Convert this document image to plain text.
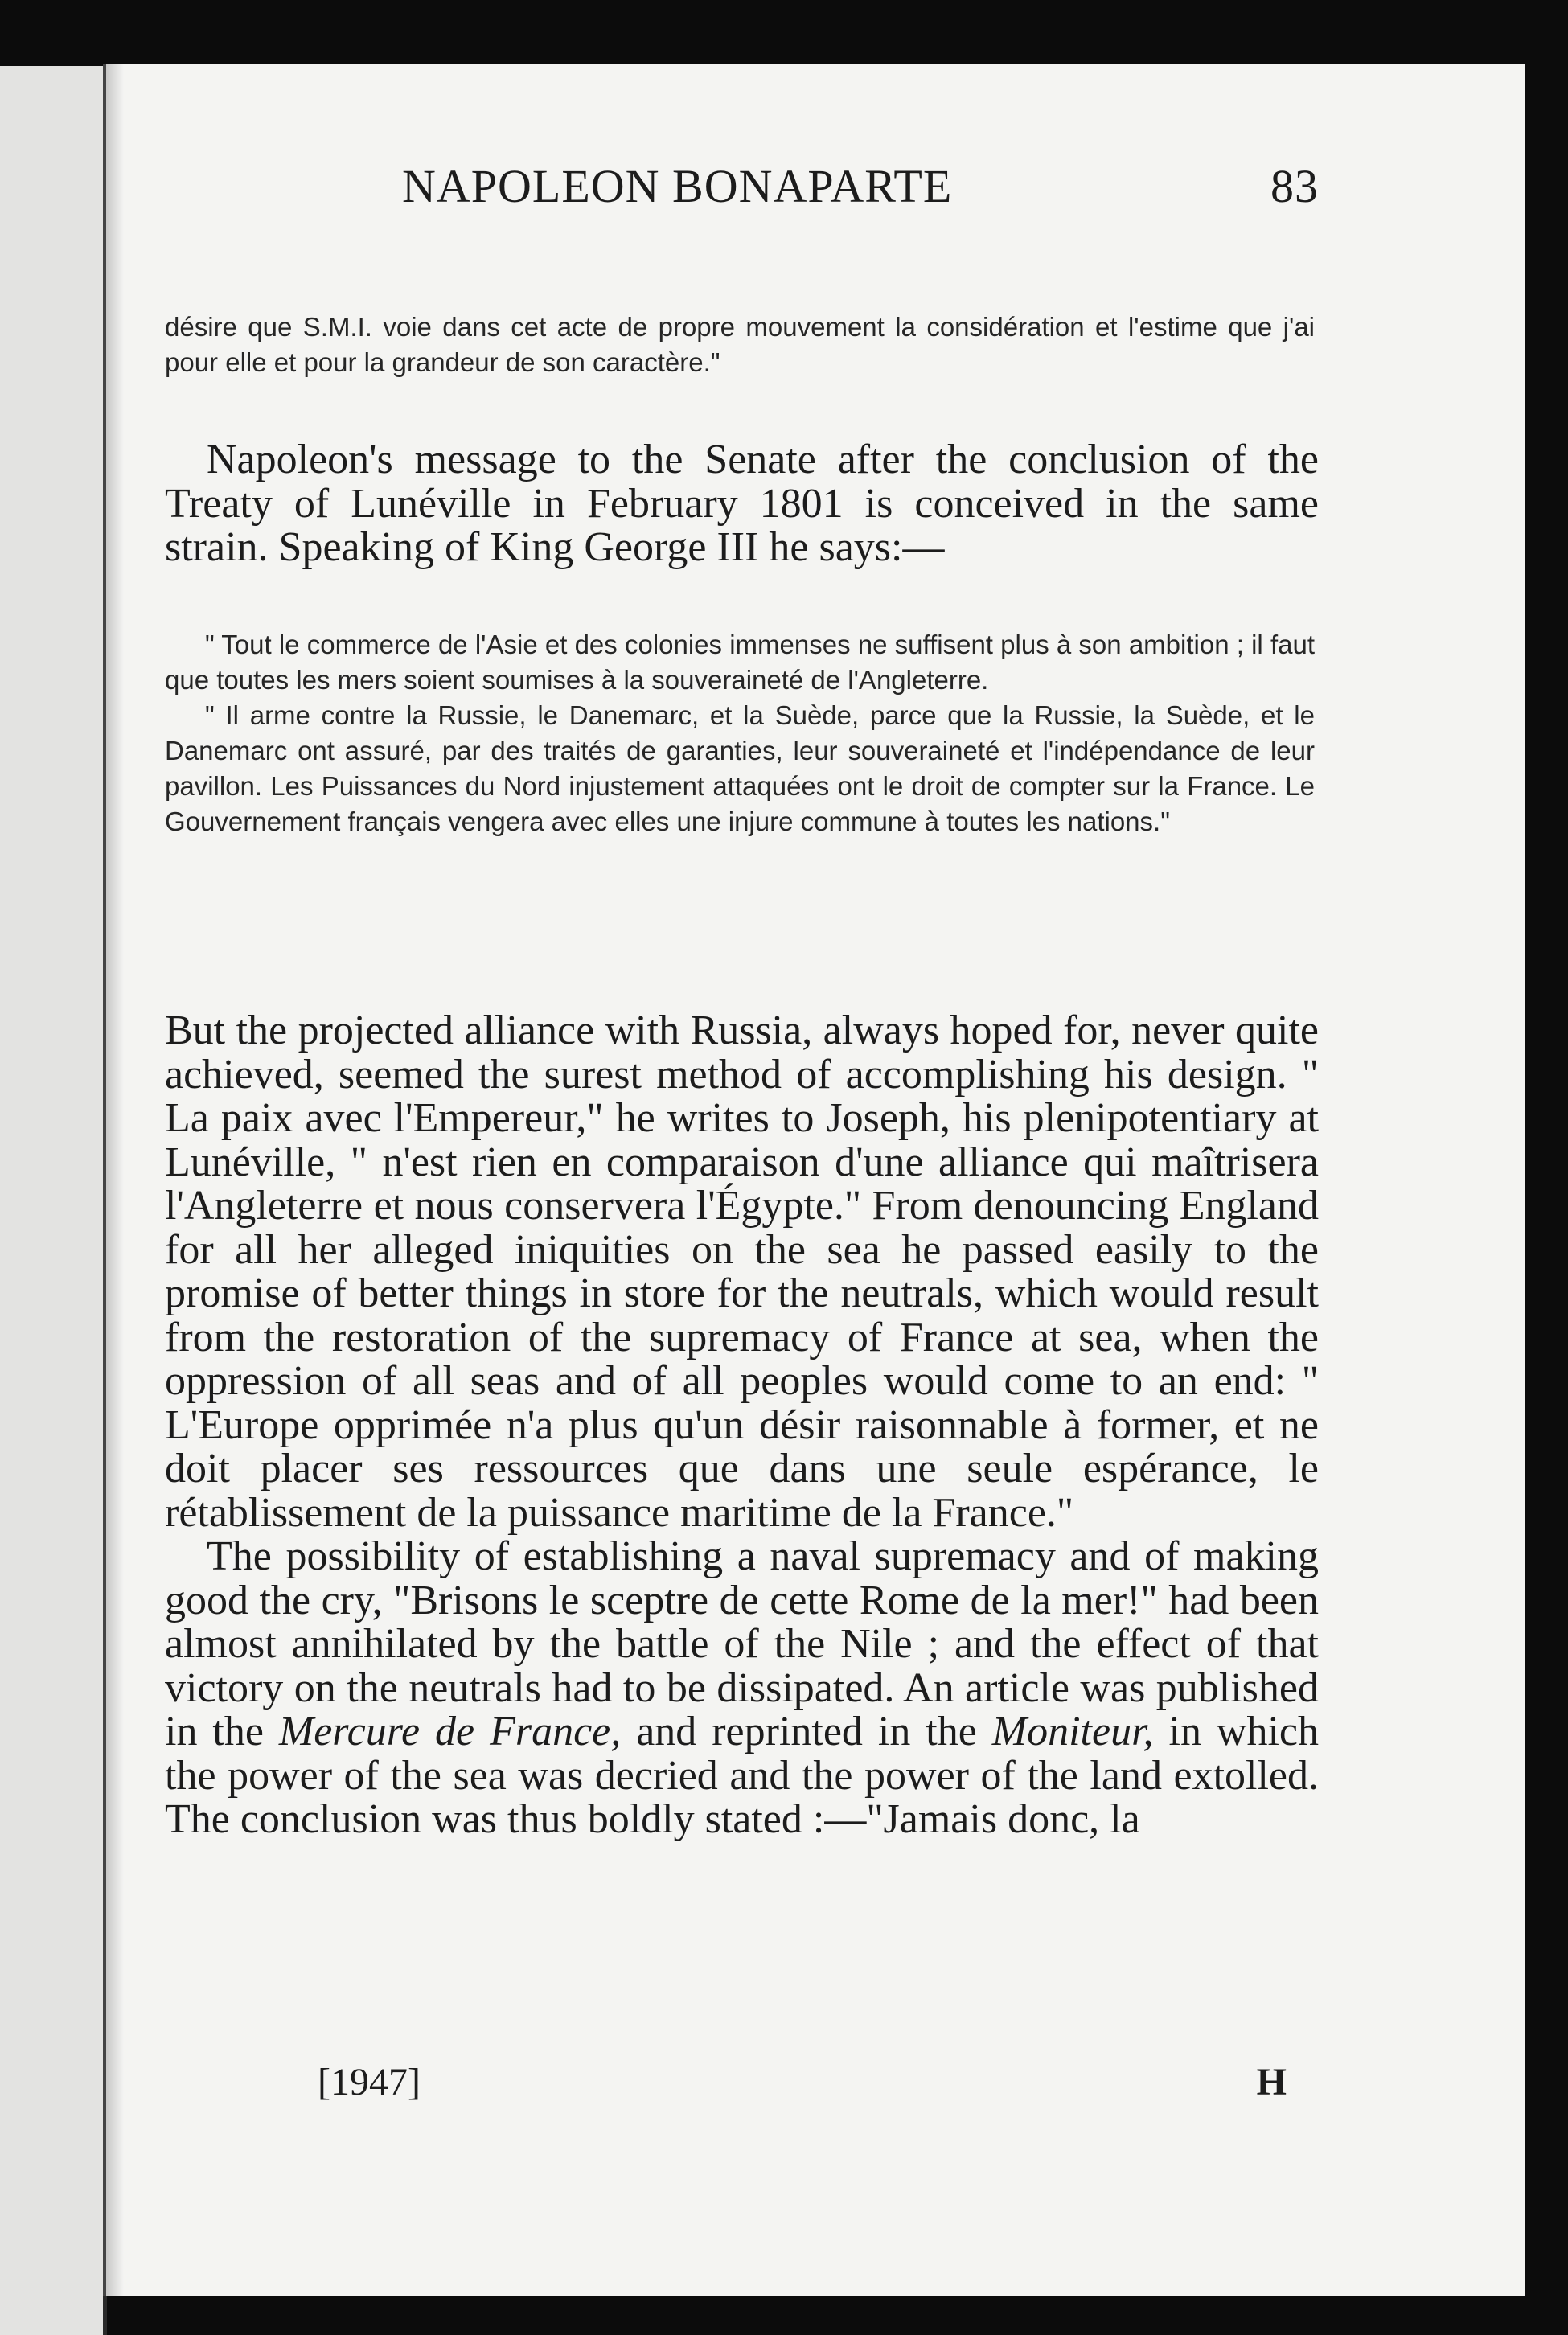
NAPOLEON BONAPARTE	83

désire que S.M.I. voie dans cet acte de propre mouvement la considération et l'estime que j'ai pour elle et pour la grandeur de son caractère."

Napoleon's message to the Senate after the conclusion of the Treaty of Lunéville in February 1801 is conceived in the same strain. Speaking of King George III he says:—

" Tout le commerce de l'Asie et des colonies immenses ne suffisent plus à son ambition ; il faut que toutes les mers soient soumises à la souveraineté de l'Angleterre.

" Il arme contre la Russie, le Danemarc, et la Suède, parce que la Russie, la Suède, et le Danemarc ont assuré, par des traités de garanties, leur souveraineté et l'indépendance de leur pavillon. Les Puissances du Nord injustement attaquées ont le droit de compter sur la France. Le Gouvernement français vengera avec elles une injure commune à toutes les nations."

But the projected alliance with Russia, always hoped for, never quite achieved, seemed the surest method of accomplishing his design. " La paix avec l'Empereur," he writes to Joseph, his plenipotentiary at Lunéville, " n'est rien en comparaison d'une alliance qui maîtrisera l'Angleterre et nous conservera l'Égypte." From denouncing England for all her alleged iniquities on the sea he passed easily to the promise of better things in store for the neutrals, which would result from the restoration of the supremacy of France at sea, when the oppression of all seas and of all peoples would come to an end: " L'Europe opprimée n'a plus qu'un désir raisonnable à former, et ne doit placer ses ressources que dans une seule espérance, le rétablissement de la puissance maritime de la France."

The possibility of establishing a naval supremacy and of making good the cry, "Brisons le sceptre de cette Rome de la mer!" had been almost annihilated by the battle of the Nile ; and the effect of that victory on the neutrals had to be dissipated. An article was published in the Mercure de France, and reprinted in the Moniteur, in which the power of the sea was decried and the power of the land extolled. The conclusion was thus boldly stated :—"Jamais donc, la

[1947]	H
